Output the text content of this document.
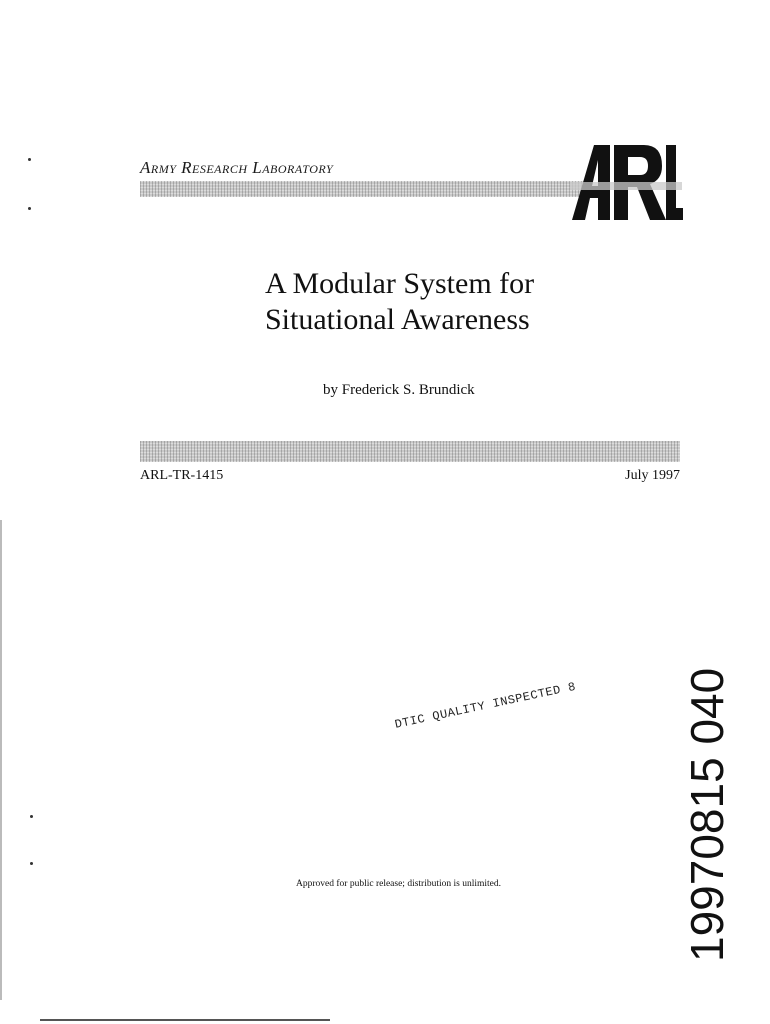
Army Research Laboratory
A Modular System for
Situational Awareness
by Frederick S. Brundick
ARL-TR-1415	July 1997
DTIC QUALITY INSPECTED 8
Approved for public release; distribution is unlimited.	19970815 040
